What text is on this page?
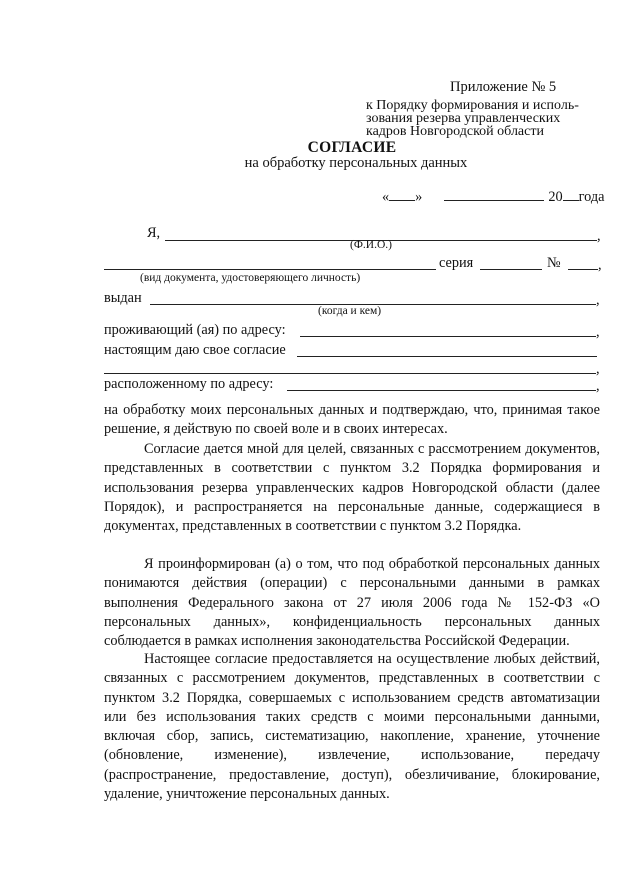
Приложение № 5
к Порядку формирования и исполь-
зования резерва управленческих
кадров Новгородской области
СОГЛАСИЕ
на обработку персональных данных
« »	20 года
Я,	,
(Ф.И.О.)
серия	№	,
(вид документа, удостоверяющего личность)
выдан	,
(когда и кем)
проживающий (ая) по адресу:	,
настоящим даю свое согласие
,
расположенному по адресу:	,
на обработку моих персональных данных и подтверждаю, что, принимая такое решение, я действую по своей воле и в своих интересах.
Согласие дается мной для целей, связанных с рассмотрением документов, представленных в соответствии с пунктом 3.2 Порядка формирования и использования резерва управленческих кадров Новгородской области (далее Порядок), и распространяется на персональные данные, содержащиеся в документах, представленных в соответствии с пунктом 3.2 Порядка.
Я проинформирован (а) о том, что под обработкой персональных данных понимаются действия (операции) с персональными данными в рамках выполнения Федерального закона от 27 июля 2006 года № 152-ФЗ «О персональных данных», конфиденциальность персональных данных соблюдается в рамках исполнения законодательства Российской Федерации.
Настоящее согласие предоставляется на осуществление любых действий, связанных с рассмотрением документов, представленных в соответствии с пунктом 3.2 Порядка, совершаемых с использованием средств автоматизации или без использования таких средств с моими персональными данными, включая сбор, запись, систематизацию, накопление, хранение, уточнение (обновление, изменение), извлечение, использование, передачу (распространение, предоставление, доступ), обезличивание, блокирование, удаление, уничтожение персональных данных.
